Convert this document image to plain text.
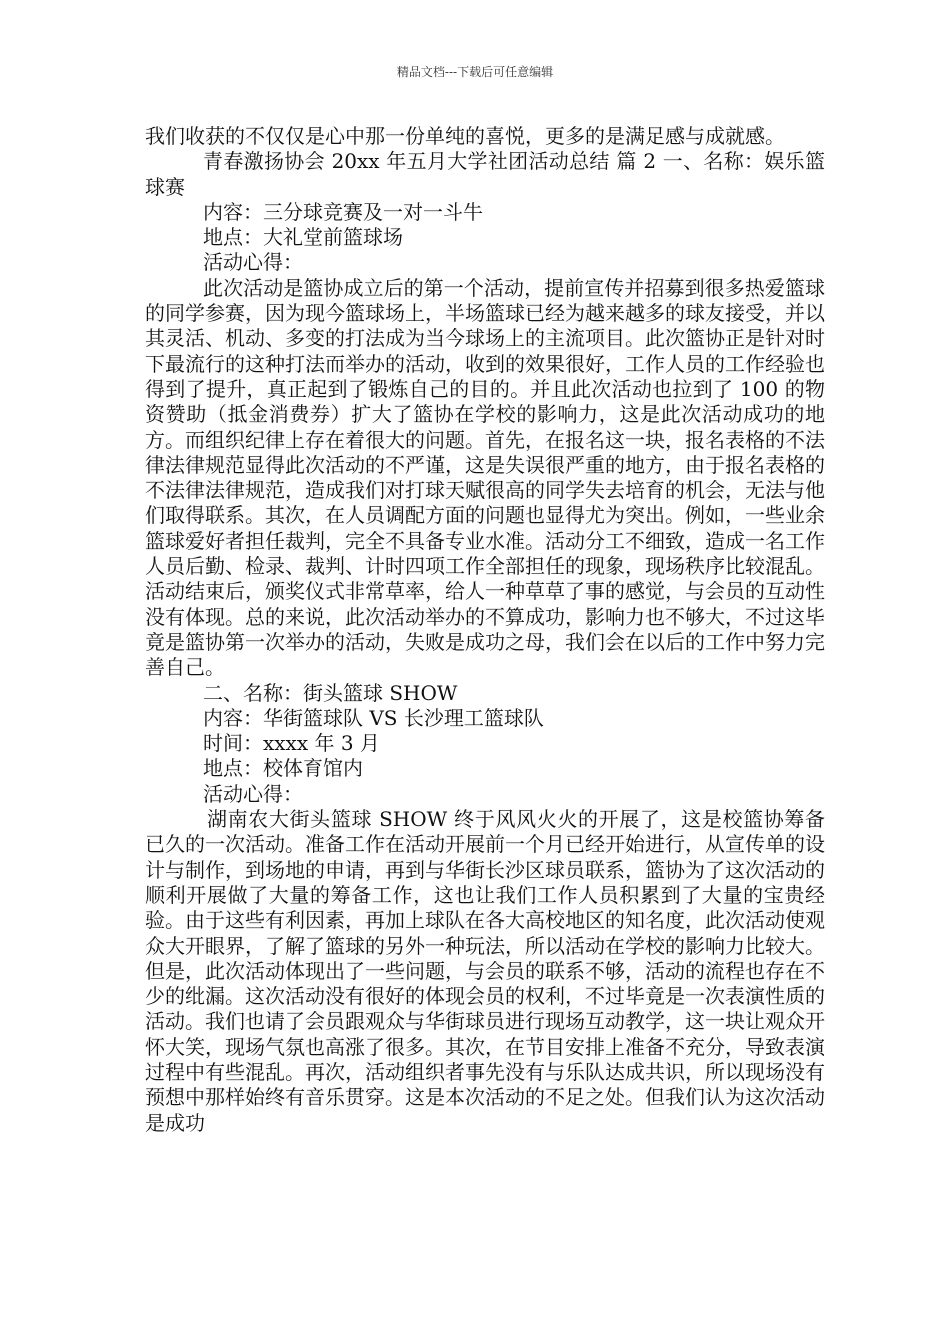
精品文档---下载后可任意编辑

我们收获的不仅仅是心中那一份单纯的喜悦，更多的是满足感与成就感。

青春激扬协会 20xx 年五月大学社团活动总结 篇 2 一、名称：娱乐篮球赛

内容：三分球竞赛及一对一斗牛

地点：大礼堂前篮球场

活动心得：

此次活动是篮协成立后的第一个活动，提前宣传并招募到很多热爱篮球的同学参赛，因为现今篮球场上，半场篮球已经为越来越多的球友接受，并以其灵活、机动、多变的打法成为当今球场上的主流项目。此次篮协正是针对时下最流行的这种打法而举办的活动，收到的效果很好，工作人员的工作经验也得到了提升，真正起到了锻炼自己的目的。并且此次活动也拉到了 100 的物资赞助（抵金消费券）扩大了篮协在学校的影响力，这是此次活动成功的地方。而组织纪律上存在着很大的问题。首先，在报名这一块，报名表格的不法律法律规范显得此次活动的不严谨，这是失误很严重的地方，由于报名表格的不法律法律规范，造成我们对打球天赋很高的同学失去培育的机会，无法与他们取得联系。其次，在人员调配方面的问题也显得尤为突出。例如，一些业余篮球爱好者担任裁判，完全不具备专业水准。活动分工不细致，造成一名工作人员后勤、检录、裁判、计时四项工作全部担任的现象，现场秩序比较混乱。活动结束后，颁奖仪式非常草率，给人一种草草了事的感觉，与会员的互动性没有体现。总的来说，此次活动举办的不算成功，影响力也不够大，不过这毕竟是篮协第一次举办的活动，失败是成功之母，我们会在以后的工作中努力完善自己。

二、名称：街头篮球 SHOW

内容：华街篮球队 VS 长沙理工篮球队

时间：xxxx 年 3 月

地点：校体育馆内

活动心得：

湖南农大街头篮球 SHOW 终于风风火火的开展了，这是校篮协筹备已久的一次活动。准备工作在活动开展前一个月已经开始进行，从宣传单的设计与制作，到场地的申请，再到与华街长沙区球员联系，篮协为了这次活动的顺利开展做了大量的筹备工作，这也让我们工作人员积累到了大量的宝贵经验。由于这些有利因素，再加上球队在各大高校地区的知名度，此次活动使观众大开眼界，了解了篮球的另外一种玩法，所以活动在学校的影响力比较大。但是，此次活动体现出了一些问题，与会员的联系不够，活动的流程也存在不少的纰漏。这次活动没有很好的体现会员的权利，不过毕竟是一次表演性质的活动。我们也请了会员跟观众与华街球员进行现场互动教学，这一块让观众开怀大笑，现场气氛也高涨了很多。其次，在节目安排上准备不充分，导致表演过程中有些混乱。再次，活动组织者事先没有与乐队达成共识，所以现场没有预想中那样始终有音乐贯穿。这是本次活动的不足之处。但我们认为这次活动是成功
